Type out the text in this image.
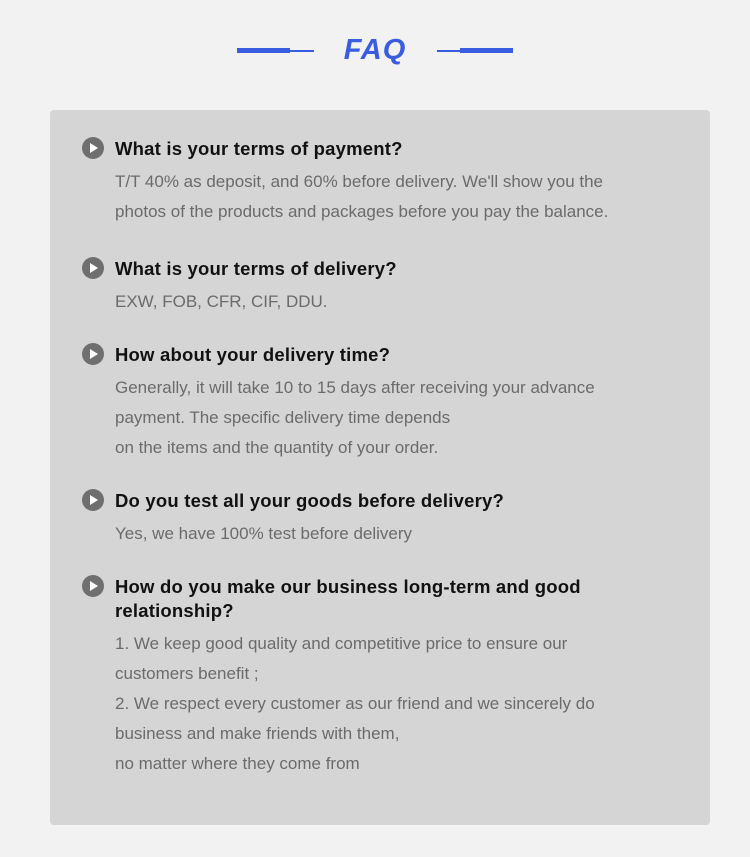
FAQ
What is your terms of payment?

T/T 40% as deposit, and 60% before delivery. We'll show you the
photos of the products and packages before you pay the balance.

What is your terms of delivery?

EXW, FOB, CFR, CIF, DDU.

How about your delivery time?

Generally, it will take 10 to 15 days after receiving your advance
payment. The specific delivery time depends
on the items and the quantity of your order.

Do you test all your goods before delivery?

Yes, we have 100% test before delivery

How do you make our business long-term and good relationship?

1. We keep good quality and competitive price to ensure our
customers benefit ;
2. We respect every customer as our friend and we sincerely do
business and make friends with them,
no matter where they come from
